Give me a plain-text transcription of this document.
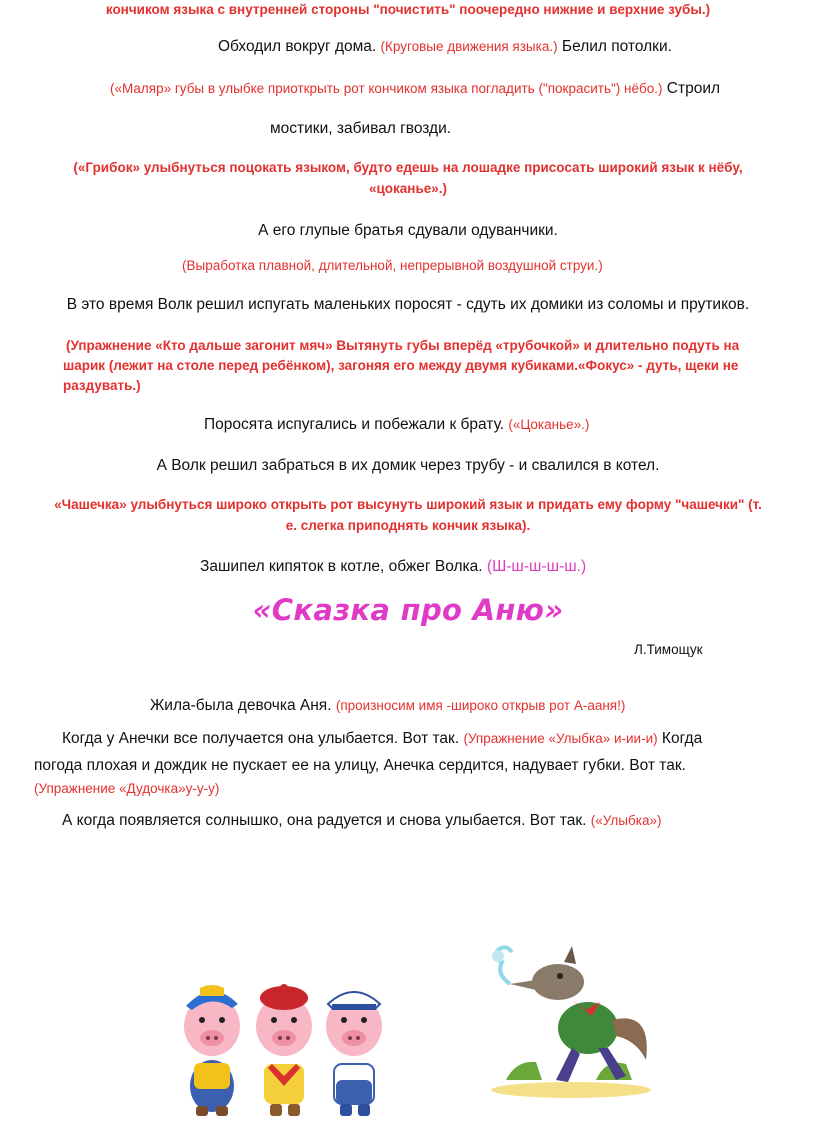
кончиком языка с внутренней стороны "почистить" поочередно нижние и верхние зубы.)
Обходил вокруг дома. (Круговые движения языка.) Белил потолки.
(«Маляр» губы в улыбке приоткрыть рот кончиком языка погладить ("покрасить") нёбо.) Строил
мостики, забивал гвозди.
(«Грибок» улыбнуться поцокать языком, будто едешь на лошадке присосать широкий язык к нёбу,
«цоканье».)
А его глупые братья сдували одуванчики.
(Выработка плавной, длительной, непрерывной воздушной струи.)
В это время Волк решил испугать маленьких поросят - сдуть их домики из соломы и прутиков.
(Упражнение «Кто дальше загонит мяч» Вытянуть губы вперёд «трубочкой» и длительно подуть на
шарик (лежит на столе перед ребёнком), загоняя его между двумя кубиками.«Фокус» - дуть, щеки не
раздувать.)
Поросята испугались и побежали к брату. («Цоканье».)
А Волк решил забраться в их домик через трубу - и свалился в котел.
«Чашечка» улыбнуться широко открыть рот высунуть широкий язык и придать ему форму "чашечки" (т.
е. слегка приподнять кончик языка).
Зашипел кипяток в котле, обжег Волка. (Ш-ш-ш-ш-ш.)
«Сказка про Аню»
Л.Тимощук
Жила-была девочка Аня. (произносим имя -широко открыв рот А-ааня!)
Когда у Анечки все получается она улыбается. Вот так. (Упражнение «Улыбка» и-ии-и) Когда
погода плохая и дождик не пускает ее на улицу, Анечка сердится, надувает губки. Вот так.
(Упражнение «Дудочка»у-у-у)
А когда появляется солнышко, она радуется и снова улыбается. Вот так. («Улыбка»)
